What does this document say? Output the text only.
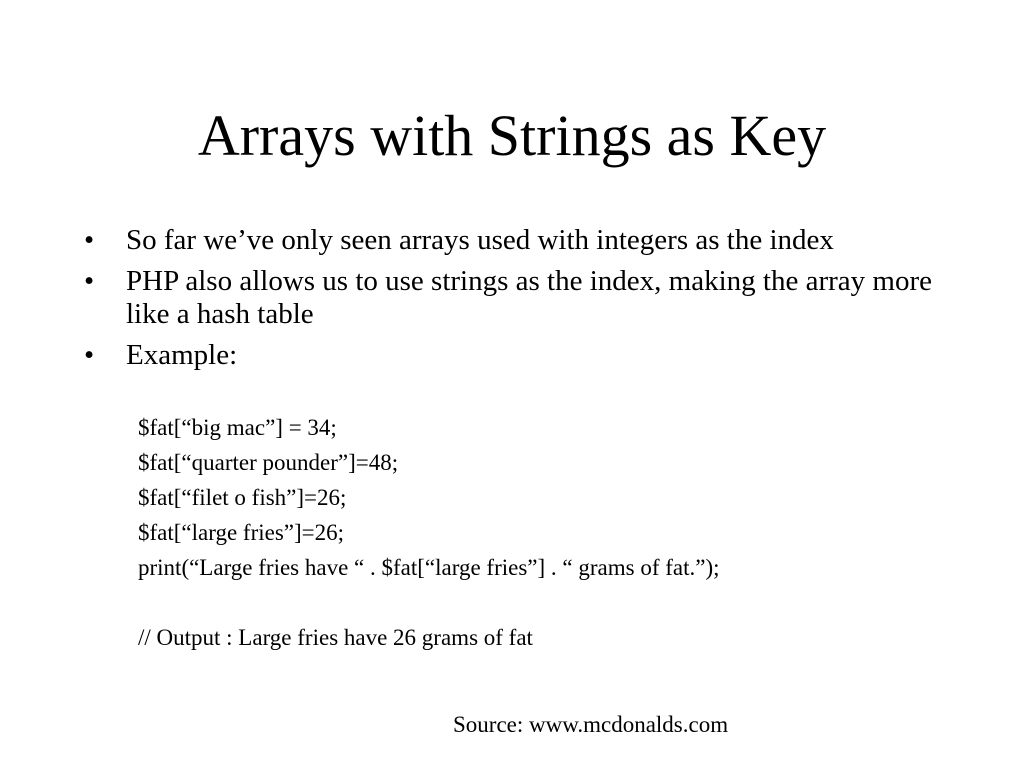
Arrays with Strings as Key
• So far we’ve only seen arrays used with integers as the index
• PHP also allows us to use strings as the index, making the array more like a hash table
• Example:
$fat[“big mac”] = 34;
$fat[“quarter pounder”]=48;
$fat[“filet o fish”]=26;
$fat[“large fries”]=26;
print(“Large fries have “ . $fat[“large fries”] . “ grams of fat.”);
// Output : Large fries have 26 grams of fat
Source: www.mcdonalds.com
